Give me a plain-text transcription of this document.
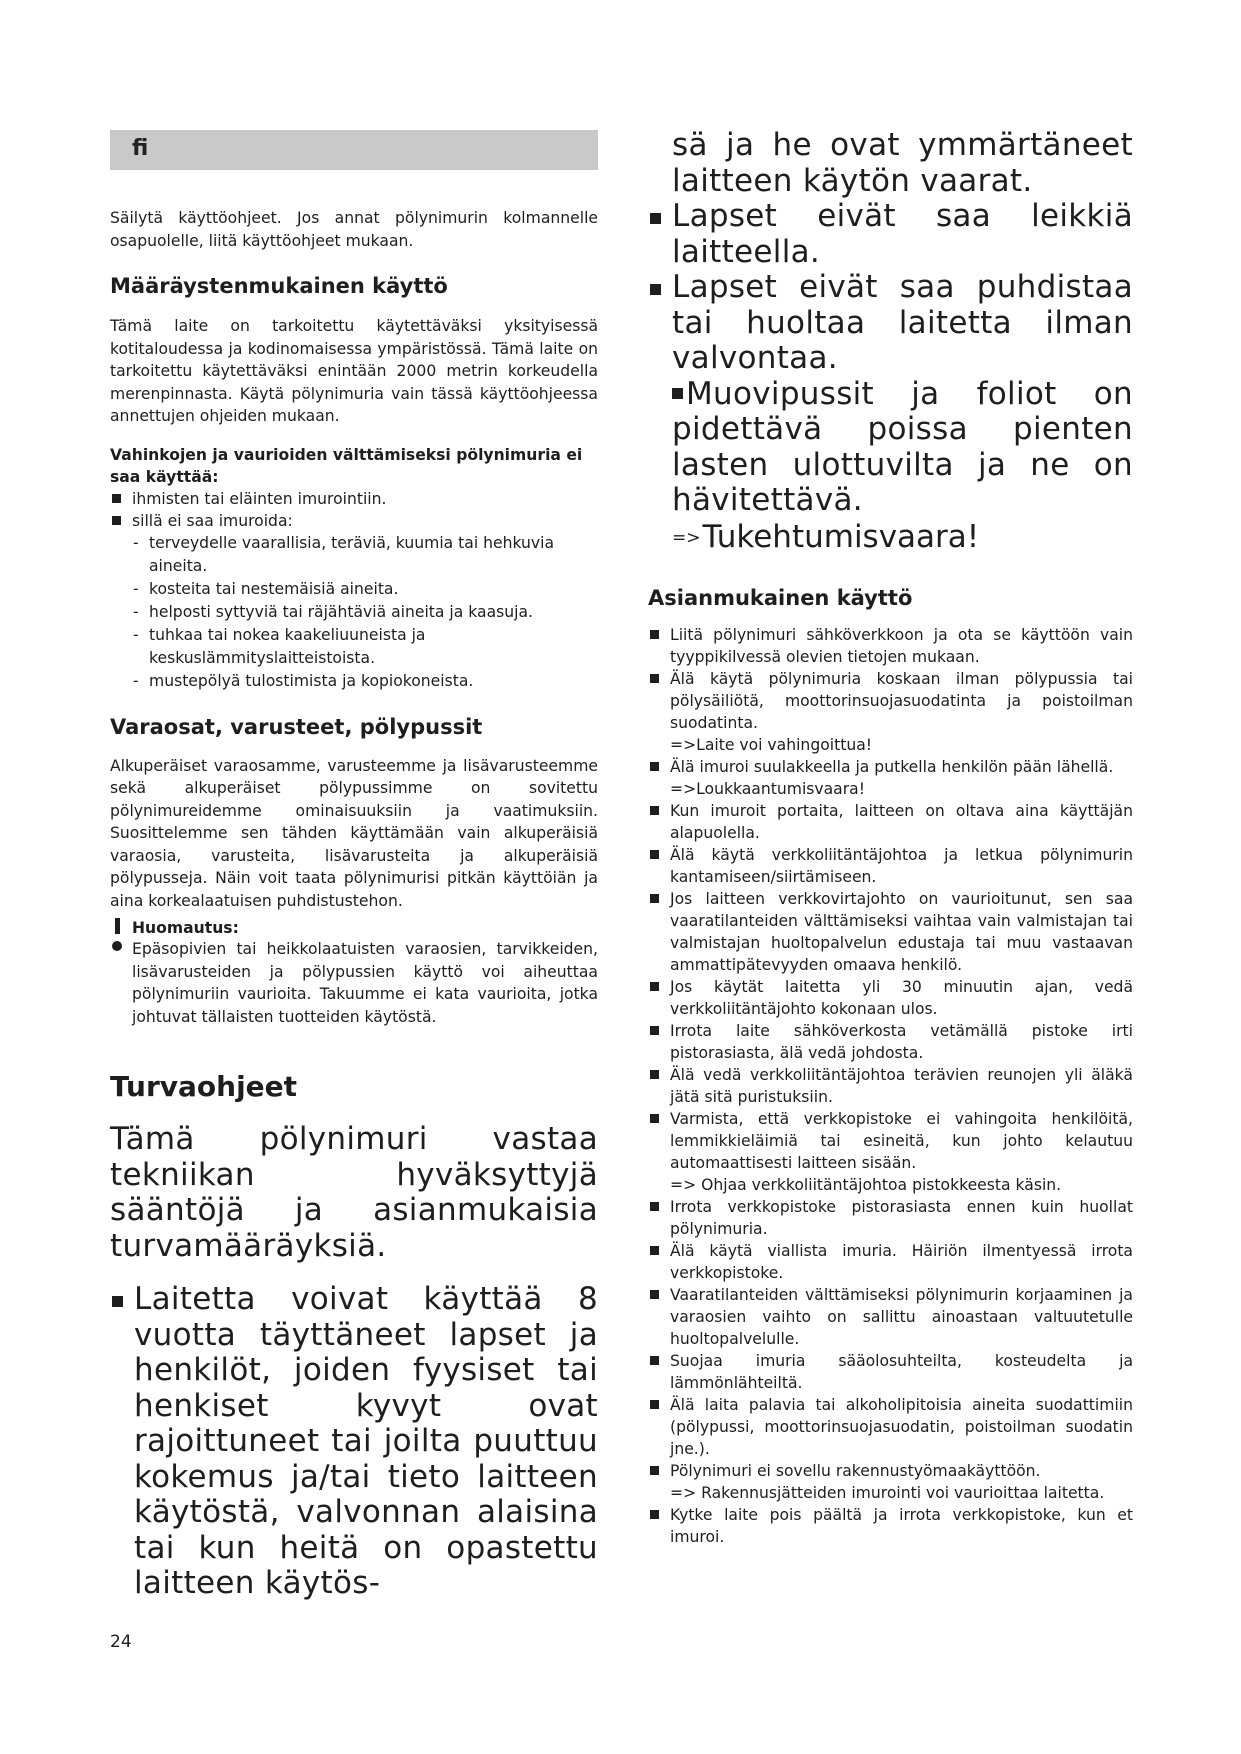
fi

Säilytä käyttöohjeet. Jos annat pölynimurin kolmannelle osapuolelle, liitä käyttöohjeet mukaan.

Määräystenmukainen käyttö

Tämä laite on tarkoitettu käytettäväksi yksityisessä kotitaloudessa ja kodinomaisessa ympäristössä. Tämä laite on tarkoitettu käytettäväksi enintään 2000 metrin korkeudella merenpinnasta. Käytä pölynimuria vain tässä käyttöohjeessa annettujen ohjeiden mukaan.

Vahinkojen ja vaurioiden välttämiseksi pölynimuria ei saa käyttää:

ihmisten tai eläinten imurointiin.
sillä ei saa imuroida:
- terveydelle vaarallisia, teräviä, kuumia tai hehkuvia aineita.
- kosteita tai nestemäisiä aineita.
- helposti syttyviä tai räjähtäviä aineita ja kaasuja.
- tuhkaa tai nokea kaakeliuuneista ja keskuslämmityslaitteistoista.
- mustepölyä tulostimista ja kopiokoneista.
Varaosat, varusteet, pölypussit

Alkuperäiset varaosamme, varusteemme ja lisävarusteemme sekä alkuperäiset pölypussimme on sovitettu pölynimureidemme ominaisuuksiin ja vaatimuksiin. Suosittelemme sen tähden käyttämään vain alkuperäisiä varaosia, varusteita, lisävarusteita ja alkuperäisiä pölypusseja. Näin voit taata pölynimurisi pitkän käyttöiän ja aina korkealaatuisen puhdistustehon.

Huomautus:
Epäsopivien tai heikkolaatuisten varaosien, tarvikkeiden, lisävarusteiden ja pölypussien käyttö voi aiheuttaa pölynimuriin vaurioita. Takuumme ei kata vaurioita, jotka johtuvat tällaisten tuotteiden käytöstä.
Turvaohjeet

Tämä pölynimuri vastaa tekniikan hyväksyttyjä sääntöjä ja asianmukaisia turvamääräyksiä.

Laitetta voivat käyttää 8 vuotta täyttäneet lapset ja henkilöt, joiden fyysiset tai henkiset kyvyt ovat rajoittuneet tai joilta puuttuu kokemus ja/tai tieto laitteen käytöstä, valvonnan alaisina tai kun heitä on opastettu laitteen käytös-

sä ja he ovat ymmärtäneet laitteen käytön vaarat.

Lapset eivät saa leikkiä laitteella.

Lapset eivät saa puhdistaa tai huoltaa laitetta ilman valvontaa.

Muovipussit ja foliot on pidettävä poissa pienten lasten ulottuvilta ja ne on hävitettävä.

=>Tukehtumisvaara!
Asianmukainen käyttö
Liitä pölynimuri sähköverkkoon ja ota se käyttöön vain tyyppikilvessä olevien tietojen mukaan.
Älä käytä pölynimuria koskaan ilman pölypussia tai pölysäiliötä, moottorinsuojasuodatinta ja poistoilman suodatinta.
=>Laite voi vahingoittua!
Älä imuroi suulakkeella ja putkella henkilön pään lähellä.
=>Loukkaantumisvaara!
Kun imuroit portaita, laitteen on oltava aina käyttäjän alapuolella.
Älä käytä verkkoliitäntäjohtoa ja letkua pölynimurin kantamiseen/siirtämiseen.
Jos laitteen verkkovirtajohto on vaurioitunut, sen saa vaaratilanteiden välttämiseksi vaihtaa vain valmistajan tai valmistajan huoltopalvelun edustaja tai muu vastaavan ammattipätevyyden omaava henkilö.
Jos käytät laitetta yli 30 minuutin ajan, vedä verkkoliitäntäjohto kokonaan ulos.
Irrota laite sähköverkosta vetämällä pistoke irti pistorasiasta, älä vedä johdosta.
Älä vedä verkkoliitäntäjohtoa terävien reunojen yli äläkä jätä sitä puristuksiin.
Varmista, että verkkopistoke ei vahingoita henkilöitä, lemmikkieläimiä tai esineitä, kun johto kelautuu automaattisesti laitteen sisään.
=> Ohjaa verkkoliitäntäjohtoa pistokkeesta käsin.
Irrota verkkopistoke pistorasiasta ennen kuin huollat pölynimuria.
Älä käytä viallista imuria. Häiriön ilmentyessä irrota verkkopistoke.
Vaaratilanteiden välttämiseksi pölynimurin korjaaminen ja varaosien vaihto on sallittu ainoastaan valtuutetulle huoltopalvelulle.
Suojaa imuria sääolosuhteilta, kosteudelta ja lämmönlähteiltä.
Älä laita palavia tai alkoholipitoisia aineita suodattimiin (pölypussi, moottorinsuojasuodatin, poistoilman suodatin jne.).
Pölynimuri ei sovellu rakennustyömaakäyttöön.
=> Rakennusjätteiden imurointi voi vaurioittaa laitetta.
Kytke laite pois päältä ja irrota verkkopistoke, kun et imuroi.
24
